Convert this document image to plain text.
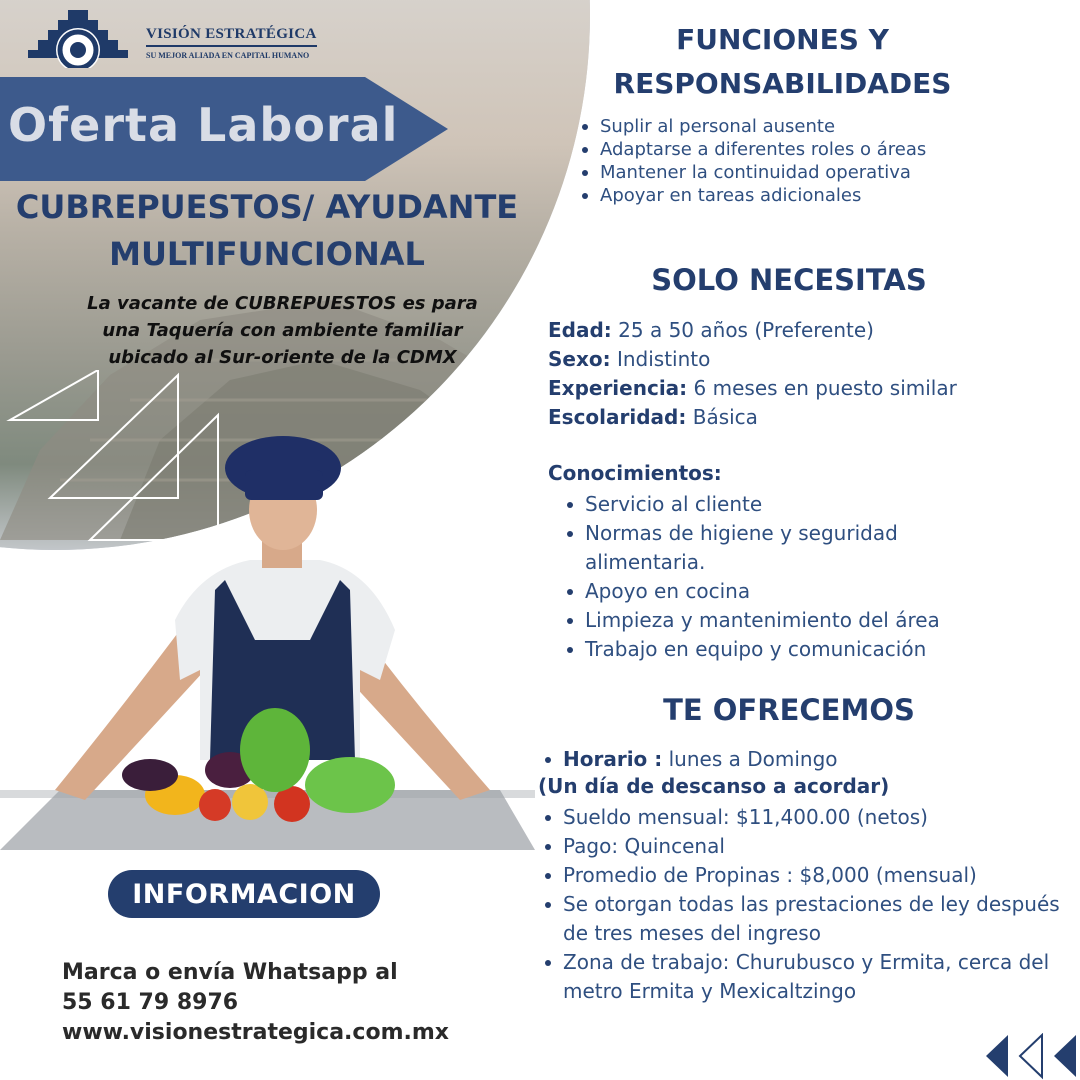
VISIÓN ESTRATÉGICA
SU MEJOR ALIADA EN CAPITAL HUMANO
Oferta Laboral
CUBREPUESTOS/ AYUDANTE
MULTIFUNCIONAL
La vacante de CUBREPUESTOS es para
una Taquería con ambiente familiar
ubicado al Sur-oriente de la CDMX
INFORMACION
Marca o envía Whatsapp al
55 61 79 8976
www.visionestrategica.com.mx
FUNCIONES Y
RESPONSABILIDADES
Suplir al personal ausente
Adaptarse a diferentes roles o áreas
Mantener la continuidad operativa
Apoyar en tareas adicionales
SOLO NECESITAS
Edad: 25 a 50 años (Preferente)
Sexo: Indistinto
Experiencia: 6 meses en puesto similar
Escolaridad: Básica
Conocimientos:
Servicio al cliente
Normas de higiene y seguridad alimentaria.
Apoyo en cocina
Limpieza y mantenimiento del área
Trabajo en equipo y comunicación
TE OFRECEMOS
Horario : lunes a Domingo
Sueldo mensual: $11,400.00 (netos)
Pago: Quincenal
Promedio de Propinas : $8,000 (mensual)
Se otorgan todas las prestaciones de ley después de tres meses del ingreso
Zona de trabajo: Churubusco y Ermita, cerca del metro Ermita y Mexicaltzingo
(Un día de descanso a acordar)
